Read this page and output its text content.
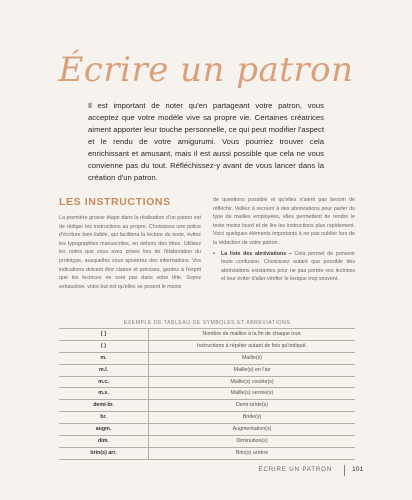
Écrire un patron
Il est important de noter qu'en partageant votre patron, vous acceptez que votre modèle vive sa propre vie. Certaines créatrices aiment apporter leur touche personnelle, ce qui peut modifier l'aspect et le rendu de votre amigurumi. Vous pourriez trouver cela enrichissant et amusant, mais il est aussi possible que cela ne vous convienne pas du tout. Réfléchissez-y avant de vous lancer dans la création d'un patron.
LES INSTRUCTIONS
La première grosse étape dans la réalisation d'un patron est de rédiger les instructions au propre. Choisissez une police d'écriture bien lisible, qui facilitera la lecture du texte, évitez les typographies manuscrites, en dehors des titres. Utilisez les notes que vous avez prises lors de l'élaboration du prototype, auxquelles vous ajouterez des informations. Vos indications doivent être claires et précises, gardez à l'esprit que les lectrices ne sont pas dans votre tête. Soyez exhaustive, votre but est qu'elles se posent le moins

de questions possible et qu'elles n'aient pas besoin de réfléchir. Veillez à recourir à des abréviations pour parler du type de mailles employées, elles permettent de rendre le texte moins lourd et de lire les instructions plus rapidement. Voici quelques éléments importants à ne pas oublier lors de la rédaction de votre patron.

• La liste des abréviations – Cela permet de prévenir toute confusion. Choisissez autant que possible des abréviations existantes pour ne pas perdre vos lectrices et leur éviter d'aller vérifier le lexique trop souvent.
EXEMPLE DE TABLEAU DE SYMBOLES ET ABRÉVIATIONS
[ ]	Nombre de mailles à la fin de chaque tour.
( )	Instructions à répéter autant de fois qu'indiqué.
m.	Maille(s)
m.l.	Maille(s) en l'air
m.c.	Maille(s) coulée(s)
m.s.	Maille(s) serrée(s)
demi-br.	Demi-bride(s)
br.	Bride(s)
augm.	Augmentation(s)
dim.	Diminution(s)
brin(s) arr.	Brin(s) arrière
ÉCRIRE UN PATRON	101
